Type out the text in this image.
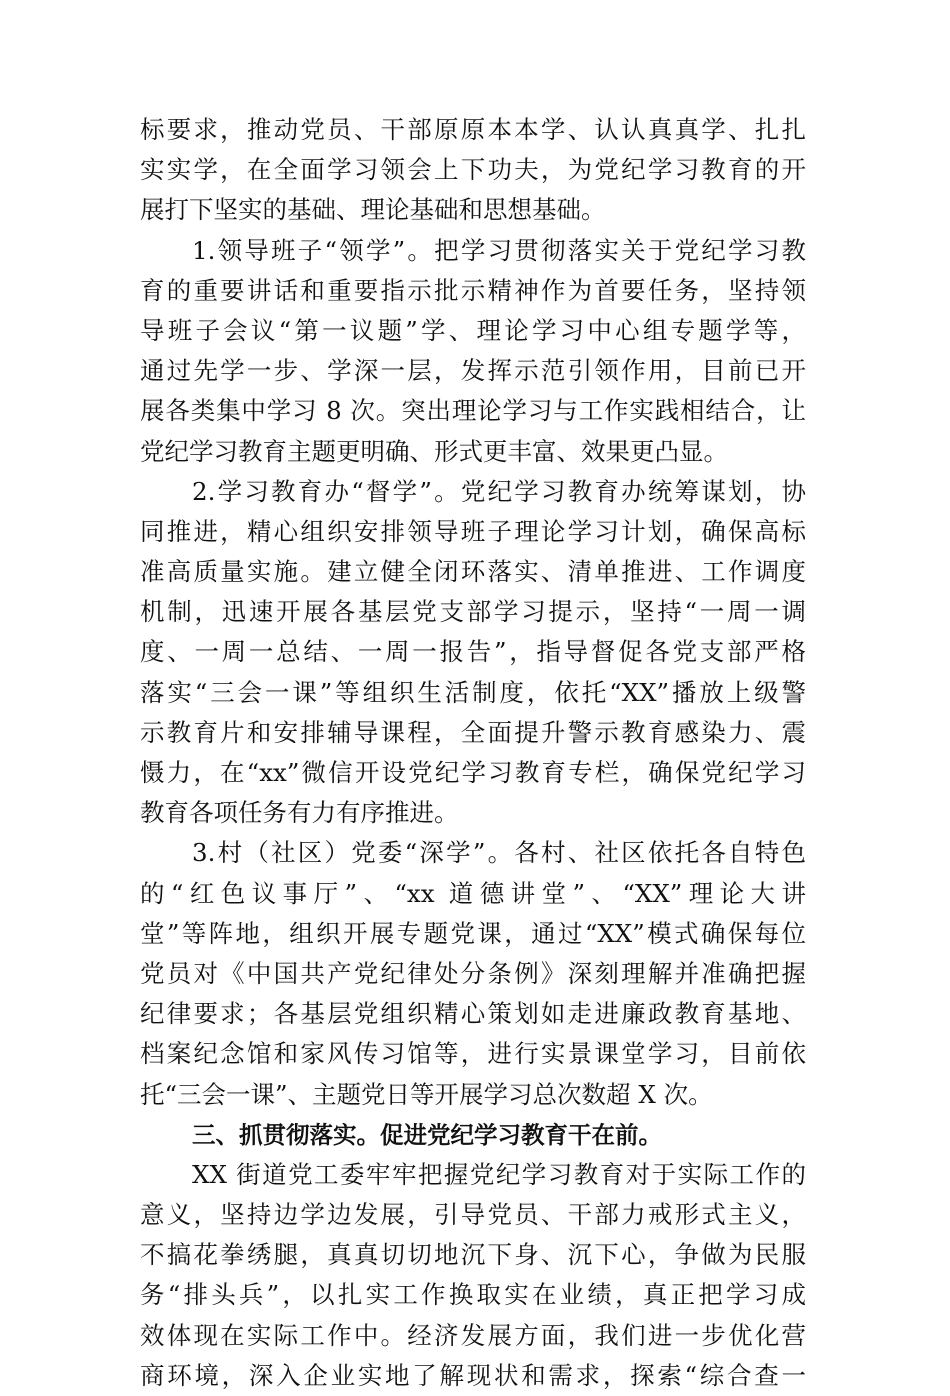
标要求，推动党员、干部原原本本学、认认真真学、扎扎
实实学，在全面学习领会上下功夫，为党纪学习教育的开
展打下坚实的基础、理论基础和思想基础。
1.领导班子“领学”。把学习贯彻落实关于党纪学习教
育的重要讲话和重要指示批示精神作为首要任务，坚持领
导班子会议“第一议题”学、理论学习中心组专题学等，
通过先学一步、学深一层，发挥示范引领作用，目前已开
展各类集中学习 8 次。突出理论学习与工作实践相结合，让
党纪学习教育主题更明确、形式更丰富、效果更凸显。
2.学习教育办“督学”。党纪学习教育办统筹谋划，协
同推进，精心组织安排领导班子理论学习计划，确保高标
准高质量实施。建立健全闭环落实、清单推进、工作调度
机制，迅速开展各基层党支部学习提示，坚持“一周一调
度、一周一总结、一周一报告”，指导督促各党支部严格
落实“三会一课”等组织生活制度，依托“XX”播放上级警
示教育片和安排辅导课程，全面提升警示教育感染力、震
慑力，在“xx”微信开设党纪学习教育专栏，确保党纪学习
教育各项任务有力有序推进。
3.村（社区）党委“深学”。各村、社区依托各自特色
的“红色议事厅”、“xx 道德讲堂”、“XX”理论大讲
堂”等阵地，组织开展专题党课，通过“XX”模式确保每位
党员对《中国共产党纪律处分条例》深刻理解并准确把握
纪律要求；各基层党组织精心策划如走进廉政教育基地、
档案纪念馆和家风传习馆等，进行实景课堂学习，目前依
托“三会一课”、主题党日等开展学习总次数超 X 次。
三、抓贯彻落实。促进党纪学习教育干在前。
XX 街道党工委牢牢把握党纪学习教育对于实际工作的
意义，坚持边学边发展，引导党员、干部力戒形式主义，
不搞花拳绣腿，真真切切地沉下身、沉下心，争做为民服
务“排头兵”，以扎实工作换取实在业绩，真正把学习成
效体现在实际工作中。经济发展方面，我们进一步优化营
商环境，深入企业实地了解现状和需求，探索“综合查一
